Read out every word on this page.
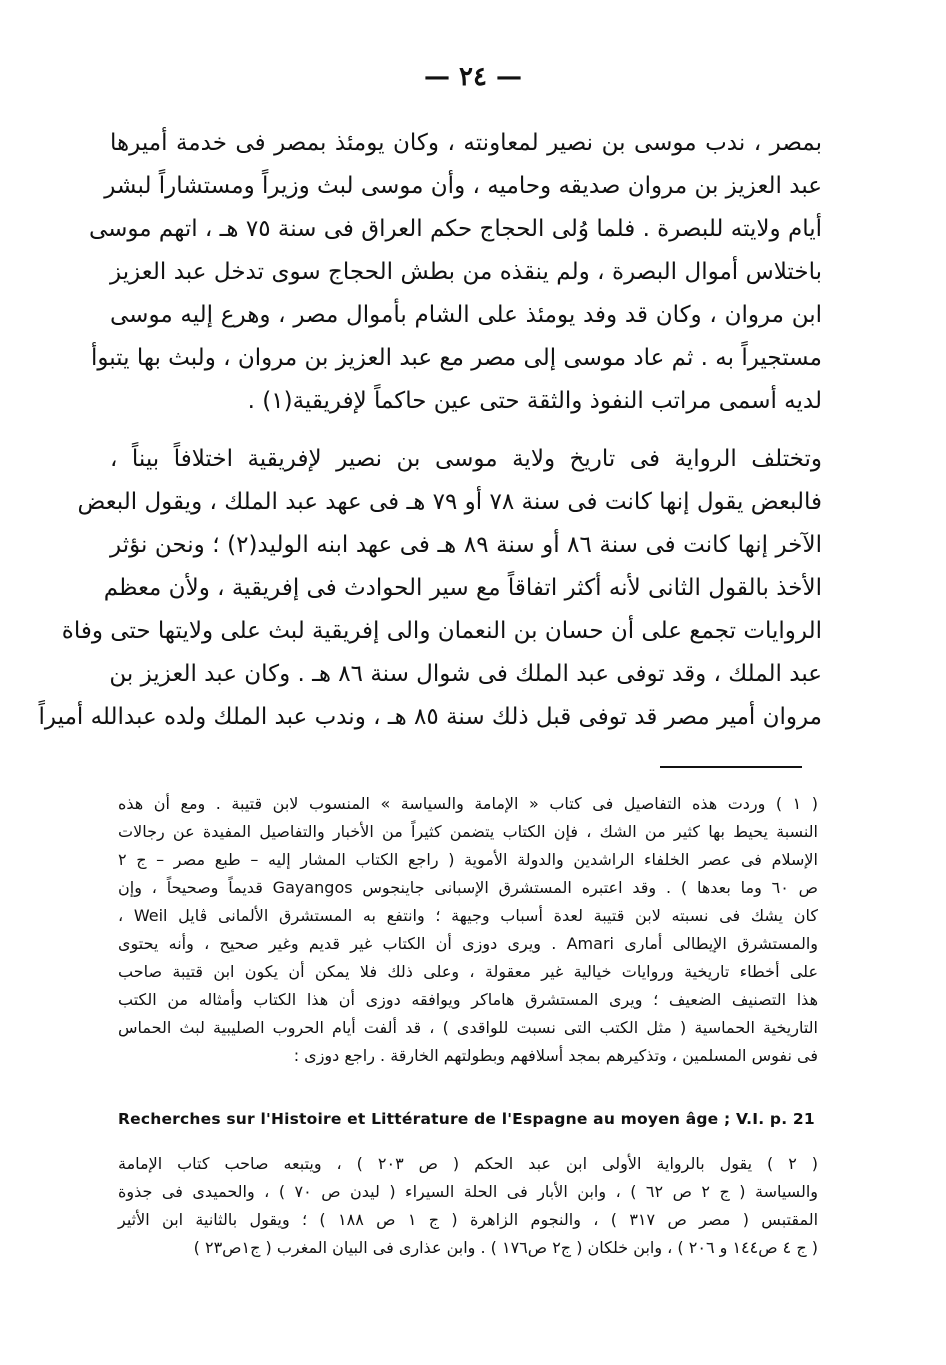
— ٢٤ —
بمصر ، ندب موسى بن نصير لمعاونته ، وكان يومئذ بمصر فى خدمة أميرها
عبد العزيز بن مروان صديقه وحاميه ، وأن موسى لبث وزيراً ومستشاراً لبشر
أيام ولايته للبصرة . فلما وُلى الحجاج حكم العراق فى سنة ٧٥ هـ ، اتهم موسى
باختلاس أموال البصرة ، ولم ينقذه من بطش الحجاج سوى تدخل عبد العزيز
ابن مروان ، وكان قد وفد يومئذ على الشام بأموال مصر ، وهرع إليه موسى
مستجيراً به . ثم عاد موسى إلى مصر مع عبد العزيز بن مروان ، ولبث بها يتبوأ
لديه أسمى مراتب النفوذ والثقة حتى عين حاكماً لإفريقية(١) .
وتختلف الرواية فى تاريخ ولاية موسى بن نصير لإفريقية اختلافاً بيناً ،
فالبعض يقول إنها كانت فى سنة ٧٨ أو ٧٩ هـ فى عهد عبد الملك ، ويقول البعض
الآخر إنها كانت فى سنة ٨٦ أو سنة ٨٩ هـ فى عهد ابنه الوليد(٢) ؛ ونحن نؤثر
الأخذ بالقول الثانى لأنه أكثر اتفاقاً مع سير الحوادث فى إفريقية ، ولأن معظم
الروايات تجمع على أن حسان بن النعمان والى إفريقية لبث على ولايتها حتى وفاة
عبد الملك ، وقد توفى عبد الملك فى شوال سنة ٨٦ هـ . وكان عبد العزيز بن
مروان أمير مصر قد توفى قبل ذلك سنة ٨٥ هـ ، وندب عبد الملك ولده عبدالله أميراً
( ١ ) وردت هذه التفاصيل فى كتاب « الإمامة والسياسة » المنسوب لابن قتيبة . ومع أن هذه
النسبة يحيط بها كثير من الشك ، فإن الكتاب يتضمن كثيراً من الأخبار والتفاصيل المفيدة عن رجالات
الإسلام فى عصر الخلفاء الراشدين والدولة الأموية ( راجع الكتاب المشار إليه – طبع مصر – ج ٢
ص ٦٠ وما بعدها ) . وقد اعتبره المستشرق الإسبانى جاينجوس Gayangos قديماً وصحيحاً ، وإن
كان يشك فى نسبته لابن قتيبة لعدة أسباب وجيهة ؛ وانتفع به المستشرق الألمانى ڤايل Weil ،
والمستشرق الإيطالى أمارى Amari . ويرى دوزى أن الكتاب غير قديم وغير صحيح ، وأنه يحتوى
على أخطاء تاريخية وروايات خيالية غير معقولة ، وعلى ذلك فلا يمكن أن يكون ابن قتيبة صاحب
هذا التصنيف الضعيف ؛ ويرى المستشرق هاماكر ويوافقه دوزى أن هذا الكتاب وأمثاله من الكتب
التاريخية الحماسية ( مثل الكتب التى نسبت للواقدى ) ، قد ألفت أيام الحروب الصليبية لبث الحماس
فى نفوس المسلمين ، وتذكيرهم بمجد أسلافهم وبطولتهم الخارقة . راجع دوزى :
Recherches sur l'Histoire et Littérature de l'Espagne au moyen âge ; V.I. p. 21
( ٢ ) يقول بالرواية الأولى ابن عبد الحكم ( ص ٢٠٣ ) ، ويتبعه صاحب كتاب الإمامة
والسياسة ( ج ٢ ص ٦٢ ) ، وابن الأبار فى الحلة السيراء ( ليدن ص ٧٠ ) ، والحميدى فى جذوة
المقتبس ( مصر ص ٣١٧ ) ، والنجوم الزاهرة ( ج ١ ص ١٨٨ ) ؛ ويقول بالثانية ابن الأثير
( ج ٤ ص١٤٤ و ٢٠٦ ) ، وابن خلكان ( ج٢ ص١٧٦ ) . وابن عذارى فى البيان المغرب ( ج١ص٢٣ )
